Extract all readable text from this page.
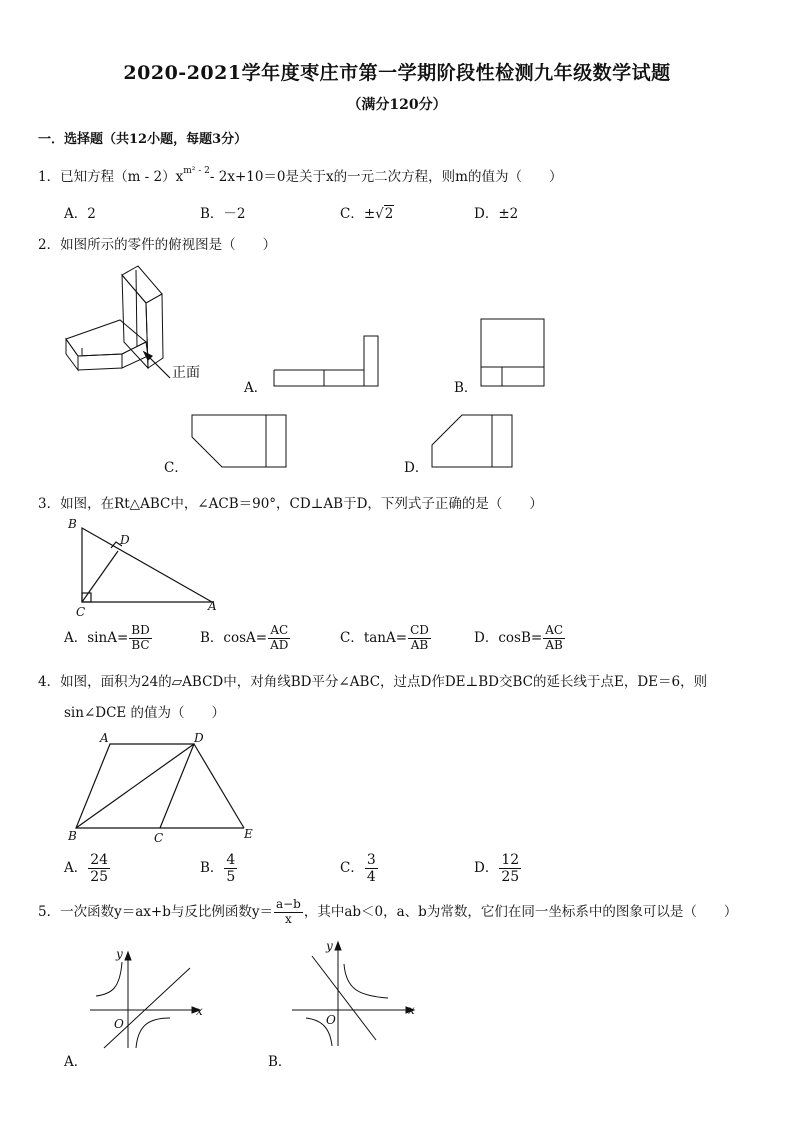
2020-2021学年度枣庄市第一学期阶段性检测九年级数学试题
（满分120分）
一．选择题（共12小题，每题3分）
1．已知方程$(m - 2)x^{m^2 - 2}-$ 2x+10＝0是关于x的一元二次方程，则m的值为（　　）
A．2	B．－2	C．±√2	D．±2
2．如图所示的零件的俯视图是（　　）
正面
A．	B．
C．	D．
3．如图，在Rt△ABC中，∠ACB＝90°，CD⊥AB于D，下列式子正确的是（　　）
B
D
C	A
A．$\sin A= \frac{BD}{BC}$	B．$\cos A= \frac{AC}{AD}$	C．$\tan A= \frac{CD}{AB}$	D．$\cos B= \frac{AC}{AB}$
4．如图，面积为24的▱ABCD中，对角线BD平分∠ABC，过点D作DE⊥BD交BC的延长线于点E，DE＝6，则
sin∠DCE 的值为（　　）
A	D
B	C	E
A． $\frac{24}{25}$	B． $\frac{4}{5}$	C． $\frac{3}{4}$	D． $\frac{12}{25}$
5．一次函数y＝ax+b与反比例函数$y= \frac{a-b}{x}$ ，其中ab＜0，a、b为常数，它们在同一坐标系中的图象可以是（　　）
y
x
O
A．
y
x
O
B．
